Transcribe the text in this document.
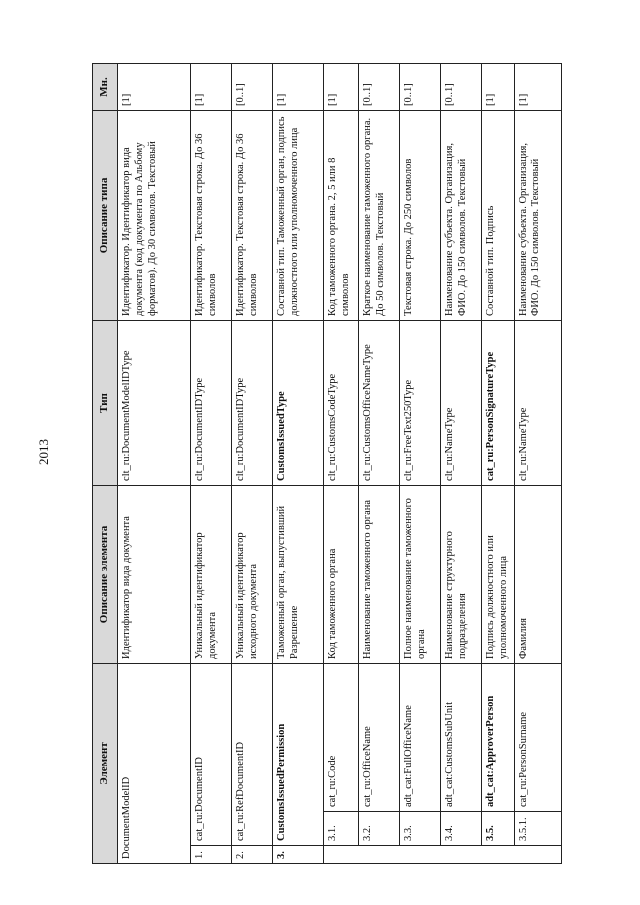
2013
Элемент			Описание элемента	Тип	Описание типа	Мн.
DocumentModelID			Идентификатор вида документа	clt_ru:DocumentModelIDType	Идентификатор. Идентификатор вида документа (код документа по Альбому форматов). До 30 символов. Текстовый	[1]
1.	cat_ru:DocumentID		Уникальный идентификатор документа	clt_ru:DocumentIDType	Идентификатор. Текстовая строка. До 36 символов	[1]
2.	cat_ru:RefDocumentID		Уникальный идентификатор исходного документа	clt_ru:DocumentIDType	Идентификатор. Текстовая строка. До 36 символов	[0..1]
3.	CustomsIssuedPermission		Таможенный орган, выпустивший Разрешение	CustomsIssuedType	Составной тип. Таможенный орган, подпись должностного или уполномоченного лица	[1]
	3.1.	cat_ru:Code	Код таможенного органа	clt_ru:CustomsCodeType	Код таможенного органа. 2, 5 или 8 символов	[1]
	3.2.	cat_ru:OfficeName	Наименование таможенного органа	clt_ru:CustomsOfficeNameType	Краткое наименование таможенного органа. До 50 символов. Текстовый	[0..1]
	3.3.	adt_cat:FullOfficeName	Полное наименование таможенного органа	clt_ru:FreeText250Type	Текстовая строка. До 250 символов	[0..1]
	3.4.	adt_cat:CustomsSubUnit	Наименование структурного подразделения	clt_ru:NameType	Наименование субъекта. Организация, ФИО. До 150 символов. Текстовый	[0..1]
	3.5.	adt_cat:ApproverPerson	Подпись должностного или уполномоченного лица	cat_ru:PersonSignatureType	Составной тип. Подпись	[1]
	3.5.1.	cat_ru:PersonSurname	Фамилия	clt_ru:NameType	Наименование субъекта. Организация, ФИО. До 150 символов. Текстовый	[1]
